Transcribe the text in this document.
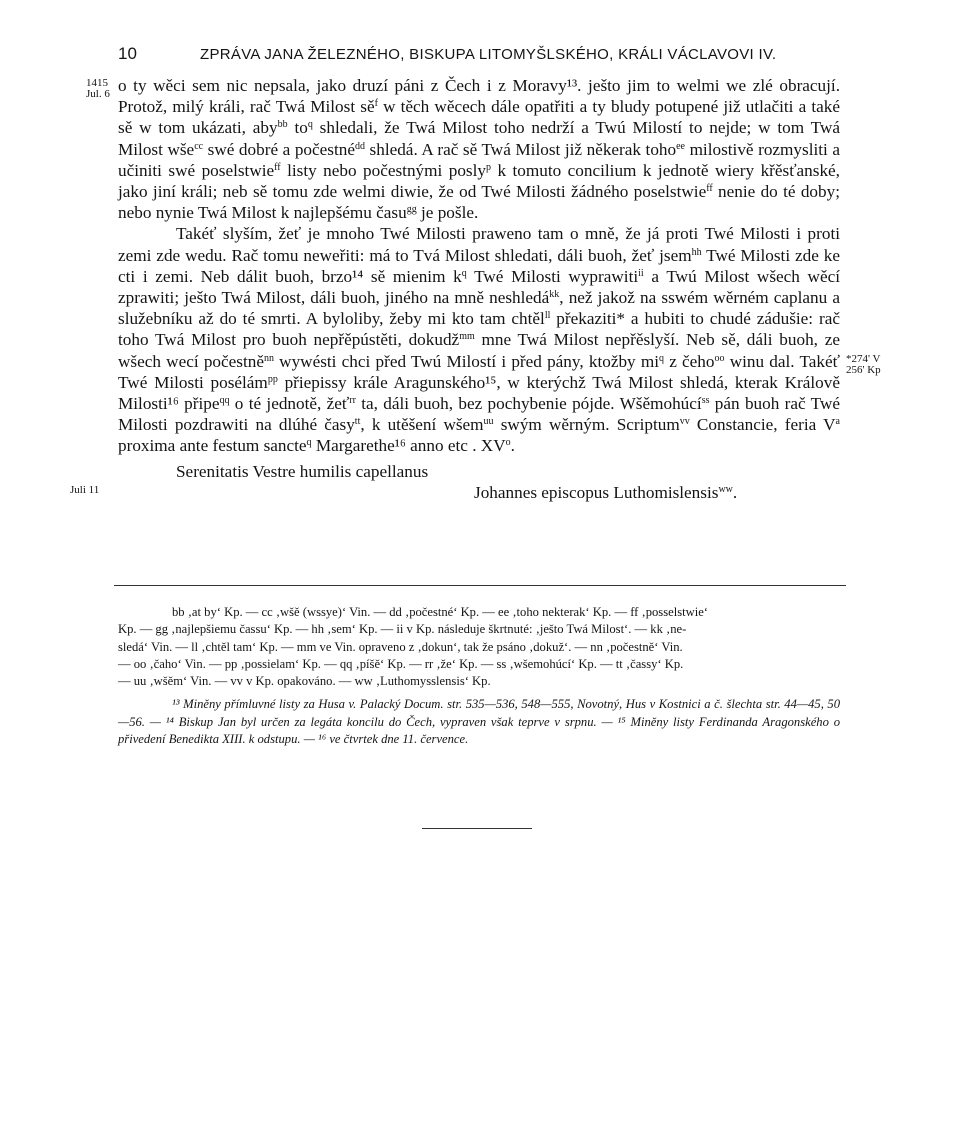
10	ZPRÁVA JANA ŽELEZNÉHO, BISKUPA LITOMYŠLSKÉHO, KRÁLI VÁCLAVOVI IV.
1415
Jul. 6
Juli 11
*274' V
256' Kp

o ty wěci sem nic nepsala, jako druzí páni z Čech i z Moravy¹³. ješto jim to welmi we zlé obracují. Protož, milý králi, rač Twá Milost $sě^f$ w těch wěcech dále opatřiti a ty bludy potupené již utlačiti a také sě w tom ukázati, aby$^{bb}$ $to^q$ shledali, že Twá Milost toho nedrží a Twú Milostí to nejde; w tom Twá Milost wše$^{cc}$ swé dobré a počestné$^{dd}$ shledá. A rač sě Twá Milost již někerak toho$^{ee}$ milostivě rozmysliti a učiniti swé poselstwie$^{ff}$ listy nebo počestnými posly$^p$ k tomuto concilium k jednotě wiery křěsťanské, jako jiní králi; neb sě tomu zde welmi diwie, že od Twé Milosti žádného poselstwie$^{ff}$ nenie do té doby; nebo nynie Twá Milost k najlepšému času$^{gg}$ je pošle.

Takéť slyším, žeť je mnoho Twé Milosti praweno tam o mně, že já proti Twé Milosti i proti zemi zde wedu. Rač tomu neweřiti: má to Tvá Milost shledati, dáli buoh, žeť jsem$^{hh}$ Twé Milosti zde ke cti i zemi. Neb dálit buoh, brzo¹⁴ sě mienim $k^q$ Twé Milosti wyprawiti$^{ii}$ a Twú Milost wšech wěcí zprawiti; ješto Twá Milost, dáli buoh, jiného na mně neshledá$^{kk}$, než jakož na sswém wěrném caplanu a služebníku až do té smrti. A byloliby, žeby mi kto tam chtěl$^{ll}$ překaziti* a hubiti to chudé zádušie: rač toho Twá Milost pro buoh nepřěpústěti, dokudž$^{mm}$ mne Twá Milost nepřěslyší. Neb sě, dáli buoh, ze wšech wecí počestně$^{nn}$ wywésti chci před Twú Milostí i před pány, ktožby $mi^q$ z čeho$^{oo}$ winu dal. Takéť Twé Milosti posélám$^{pp}$ přiepissy krále Aragunského¹⁵, w kterýchž Twá Milost shledá, kterak Králově Milosti¹⁶ připe$^{qq}$ o té jednotě, žeť$^{rr}$ ta, dáli buoh, bez pochybenie pójde. Wšěmohúcí$^{ss}$ pán buoh rač Twé Milosti pozdrawiti na dlúhé časy$^{tt}$, k utěšení wšem$^{uu}$ swým wěrným. Scriptum$^{vv}$ Constancie, feria $V^a$ proxima ante festum sancte$^q$ Margarethe¹⁶ anno etc . $XV^o$.

Serenitatis Vestre humilis capellanus

Johannes episcopus Luthomislensis$^{ww}$.

bb ‚at by‘ Kp. — cc ‚wšě (wssye)‘ Vin. — dd ‚počestné‘ Kp. — ee ‚toho nekterak‘ Kp. — ff ‚posselstwie‘

Kp. — gg ‚najlepšiemu čassu‘ Kp. — hh ‚sem‘ Kp. — ii v Kp. následuje škrtnuté: ‚ješto Twá Milost‘. — kk ‚ne-

sledá‘ Vin. — ll ‚chtěl tam‘ Kp. — mm ve Vin. opraveno z ‚dokun‘, tak že psáno ‚dokuž‘. — nn ‚počestně‘ Vin.

— oo ‚čaho‘ Vin. — pp ‚possielam‘ Kp. — qq ‚píšě‘ Kp. — rr ‚že‘ Kp. — ss ‚wšemohúcí‘ Kp. — tt ‚čassy‘ Kp.

— uu ‚wšěm‘ Vin. — vv v Kp. opakováno. — ww ‚Luthomysslensis‘ Kp.

¹³ Miněny přímluvné listy za Husa v. Palacký Docum. str. 535—536, 548—555, Novotný, Hus v Kostnici a č. šlechta str. 44—45, 50—56. — ¹⁴ Biskup Jan byl určen za legáta koncilu do Čech, vypraven však teprve v srpnu. — ¹⁵ Miněny listy Ferdinanda Aragonského o přivedení Benedikta XIII. k odstupu. — ¹⁶ ve čtvrtek dne 11. července.
